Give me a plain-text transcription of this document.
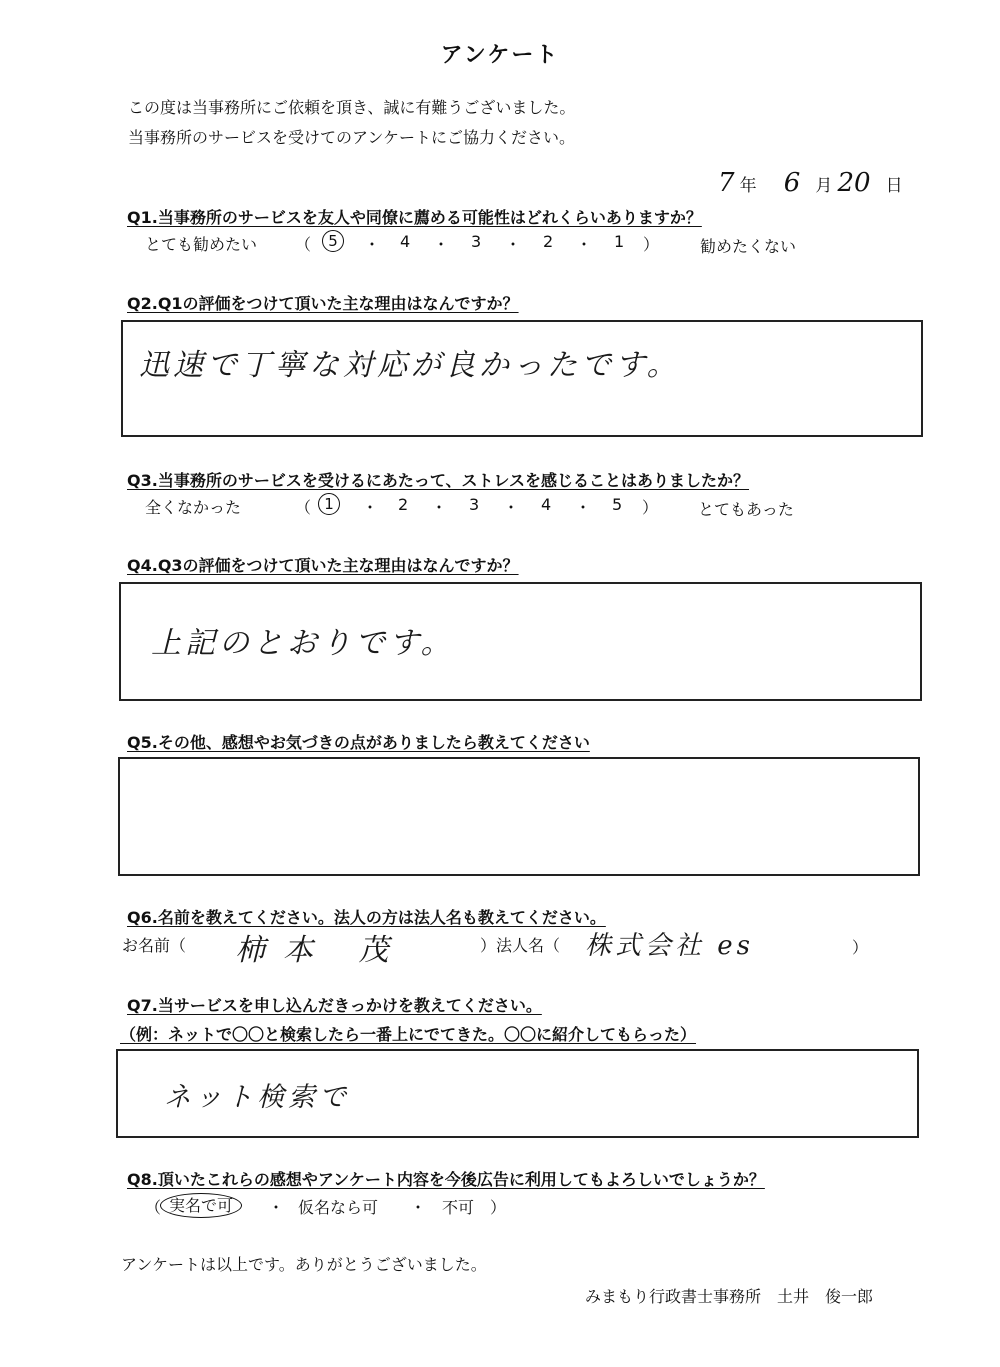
アンケート
この度は当事務所にご依頼を頂き、誠に有難うございました。
当事務所のサービスを受けてのアンケートにご協力ください。
7 年 6 月 20 日
Q1.当事務所のサービスを友人や同僚に薦める可能性はどれくらいありますか？
とても勧めたい （	5	・ 4 ・ 3 ・ 2 ・ 1 ）	勧めたくない
Q2.Q1の評価をつけて頂いた主な理由はなんですか？
迅速で丁寧な対応が良かったです。
Q3.当事務所のサービスを受けるにあたって、ストレスを感じることはありましたか？
全くなかった	（ 1	・ 2 ・ 3 ・ 4 ・ 5 ） とてもあった
Q4.Q3の評価をつけて頂いた主な理由はなんですか？
上記のとおりです。
Q5.その他、感想やお気づきの点がありましたら教えてください
Q6.名前を教えてください。法人の方は法人名も教えてください。
お名前（ 柿本 茂	）法人名（ 株式会社 es	）
Q7.当サービスを申し込んだきっかけを教えてください。
（例：ネットで〇〇と検索したら一番上にでてきた。〇〇に紹介してもらった）
ネット検索で
Q8.頂いたこれらの感想やアンケート内容を今後広告に利用してもよろしいでしょうか？
（ 実名で可	・ 仮名なら可 ・ 不可 ）
アンケートは以上です。ありがとうございました。
みまもり行政書士事務所　土井　俊一郎
